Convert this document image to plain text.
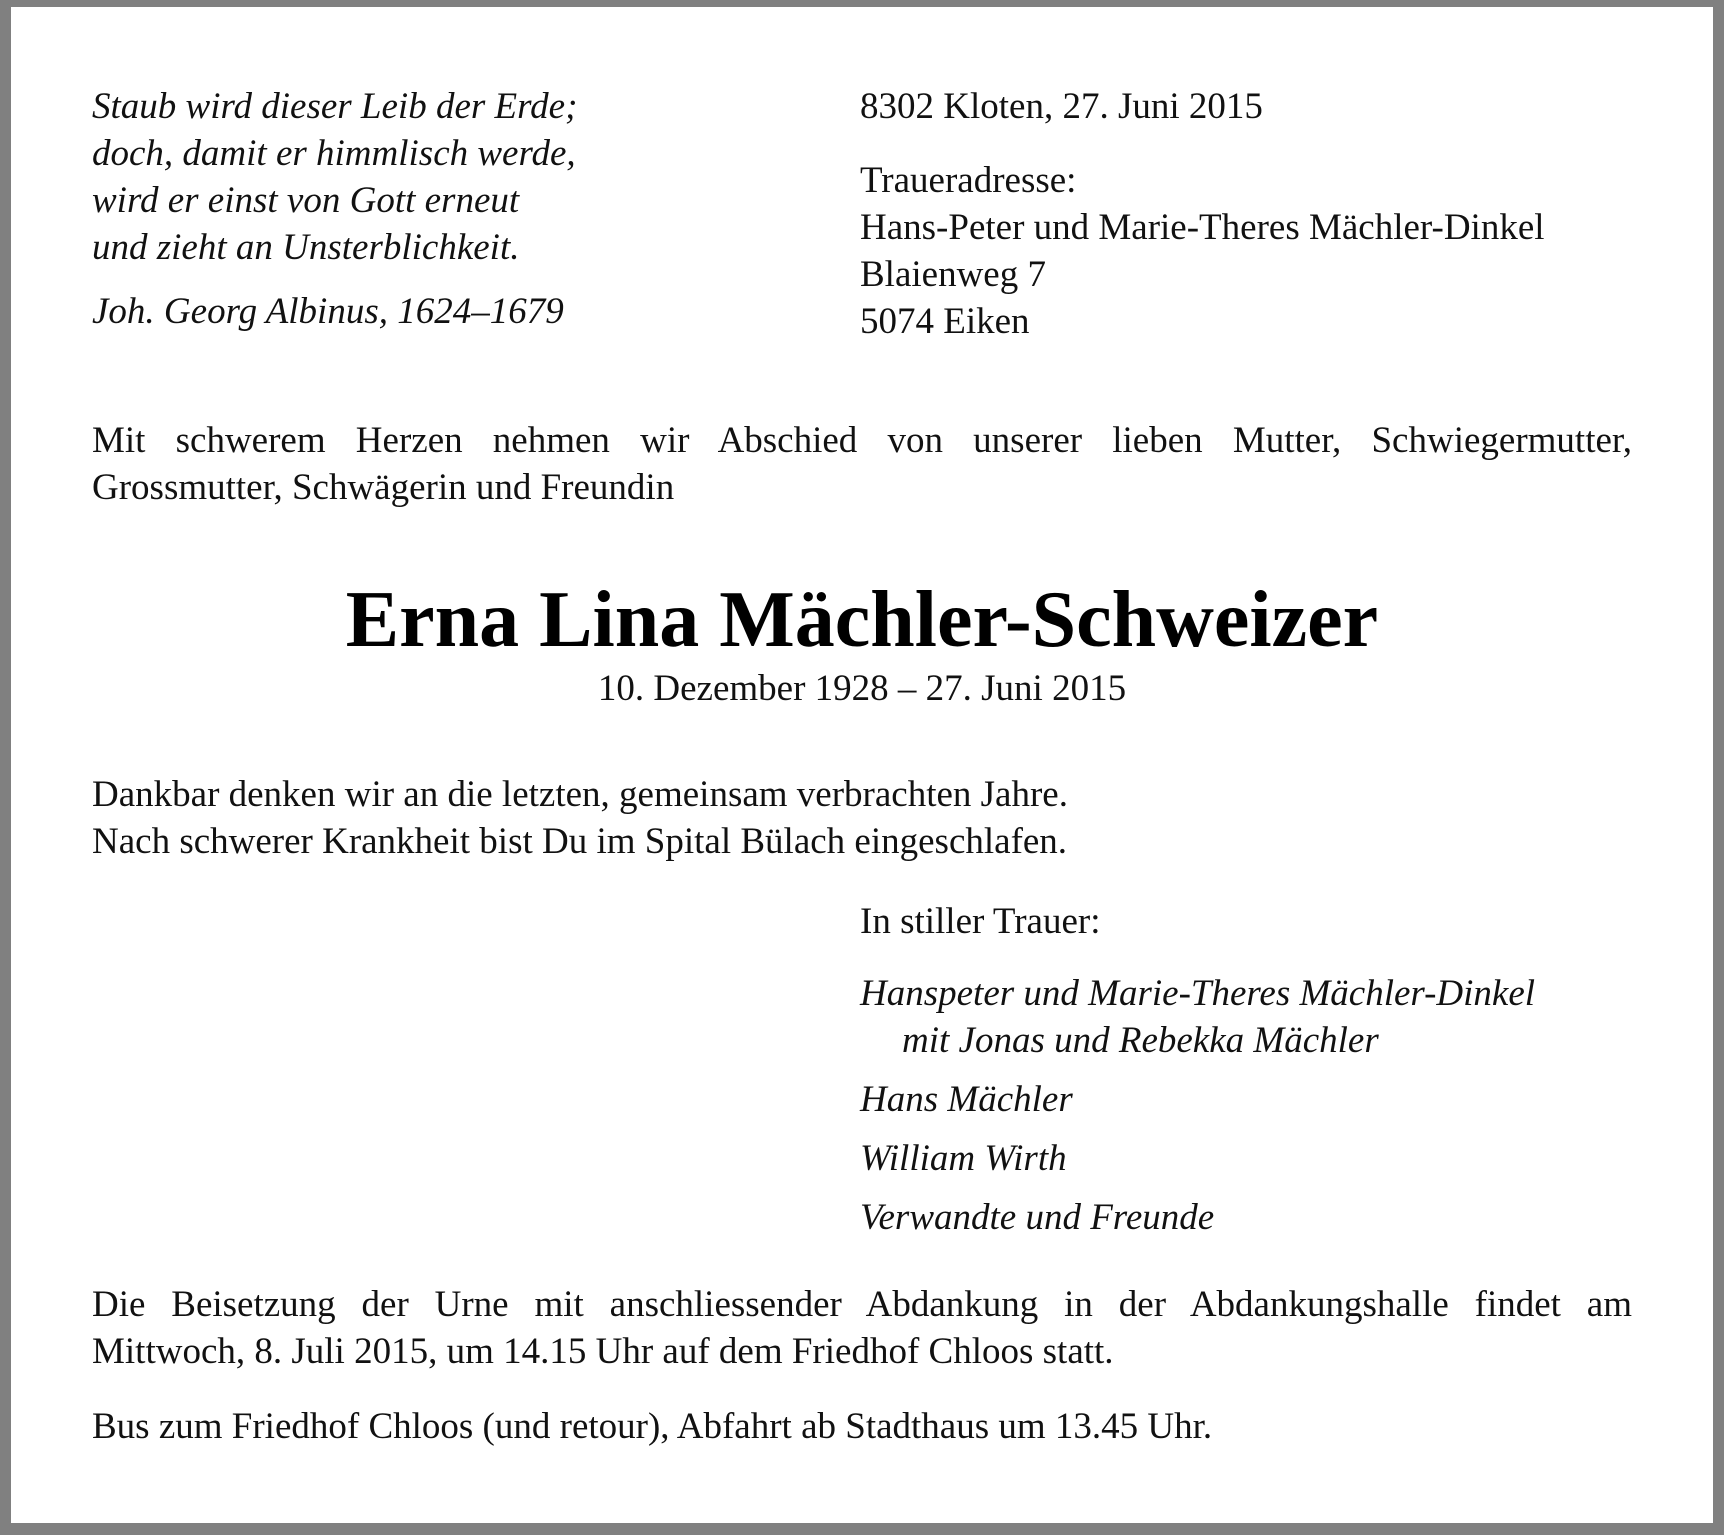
Staub wird dieser Leib der Erde;
doch, damit er himmlisch werde,
wird er einst von Gott erneut
und zieht an Unsterblichkeit.
Joh. Georg Albinus, 1624–1679
8302 Kloten, 27. Juni 2015
Traueradresse:
Hans-Peter und Marie-Theres Mächler-Dinkel
Blaienweg 7
5074 Eiken
Mit schwerem Herzen nehmen wir Abschied von unserer lieben Mutter, Schwiegermutter,
Grossmutter, Schwägerin und Freundin
Erna Lina Mächler-Schweizer
10. Dezember 1928 – 27. Juni 2015
Dankbar denken wir an die letzten, gemeinsam verbrachten Jahre.
Nach schwerer Krankheit bist Du im Spital Bülach eingeschlafen.
In stiller Trauer:
Hanspeter und Marie-Theres Mächler-Dinkel
mit Jonas und Rebekka Mächler
Hans Mächler
William Wirth
Verwandte und Freunde
Die Beisetzung der Urne mit anschliessender Abdankung in der Abdankungshalle findet am
Mittwoch, 8. Juli 2015, um 14.15 Uhr auf dem Friedhof Chloos statt.
Bus zum Friedhof Chloos (und retour), Abfahrt ab Stadthaus um 13.45 Uhr.
